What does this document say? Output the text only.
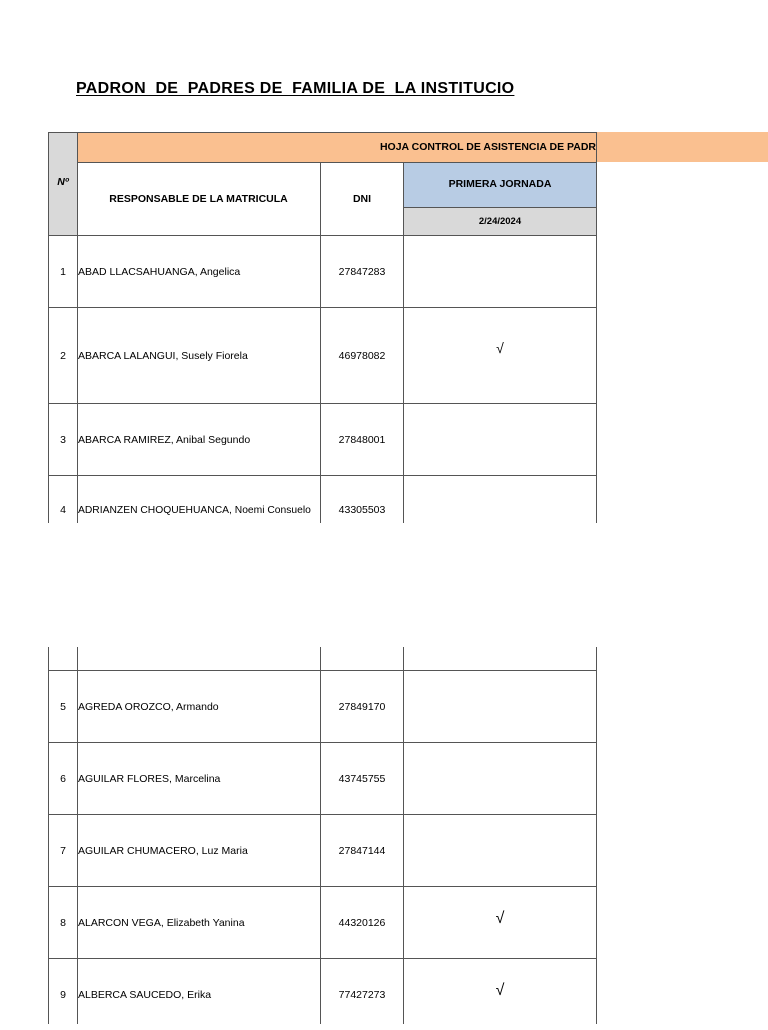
PADRON  DE  PADRES DE  FAMILIA DE  LA INSTITUCIO
Nº
HOJA CONTROL DE ASISTENCIA DE PADR
RESPONSABLE DE LA MATRICULA	DNI
PRIMERA JORNADA
2/24/2024
1	ABAD LLACSAHUANGA, Angelica	27847283
2	ABARCA LALANGUI, Susely Fiorela	46978082	√
3	ABARCA RAMIREZ, Anibal Segundo	27848001
4	ADRIANZEN CHOQUEHUANCA, Noemi Consuelo	43305503
5	AGREDA OROZCO, Armando	27849170
6	AGUILAR FLORES, Marcelina	43745755
7	AGUILAR CHUMACERO, Luz Maria	27847144
8	ALARCON VEGA, Elizabeth Yanina	44320126	√
9	ALBERCA SAUCEDO, Erika	77427273	√
